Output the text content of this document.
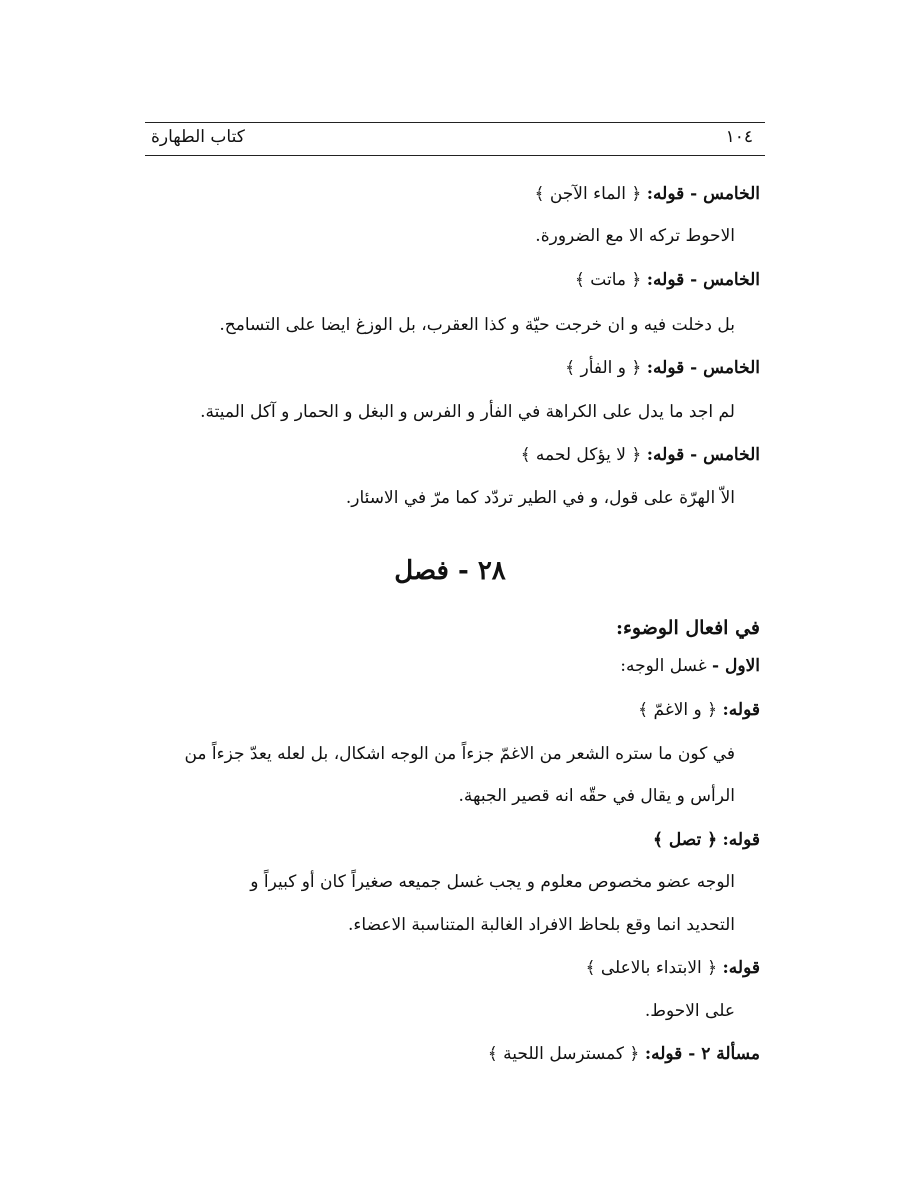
١٠٤
كتاب الطهارة
الخامس - قوله: ﴿ الماء الآجن ﴾
الاحوط تركه الا مع الضرورة.
الخامس - قوله: ﴿ ماتت ﴾
بل دخلت فيه و ان خرجت حيّة و كذا العقرب، بل الوزغ ايضا على التسامح.
الخامس - قوله: ﴿ و الفأر ﴾
لم اجد ما يدل على الكراهة في الفأر و الفرس و البغل و الحمار و آكل الميتة.
الخامس - قوله: ﴿ لا يؤكل لحمه ﴾
الاّ الهرّة على قول، و في الطير تردّد كما مرّ في الاسئار.
٢٨ - فصل
في افعال الوضوء:
الاول - غسل الوجه:
قوله: ﴿ و الاغمّ ﴾
في كون ما ستره الشعر من الاغمّ جزءاً من الوجه اشكال، بل لعله يعدّ جزءاً من
الرأس و يقال في حقّه انه قصير الجبهة.
قوله: ﴿ تصل ﴾
الوجه عضو مخصوص معلوم و يجب غسل جميعه صغيراً كان أو كبيراً و
التحديد انما وقع بلحاظ الافراد الغالبة المتناسبة الاعضاء.
قوله: ﴿ الابتداء بالاعلى ﴾
على الاحوط.
مسألة ٢ - قوله: ﴿ كمسترسل اللحية ﴾
